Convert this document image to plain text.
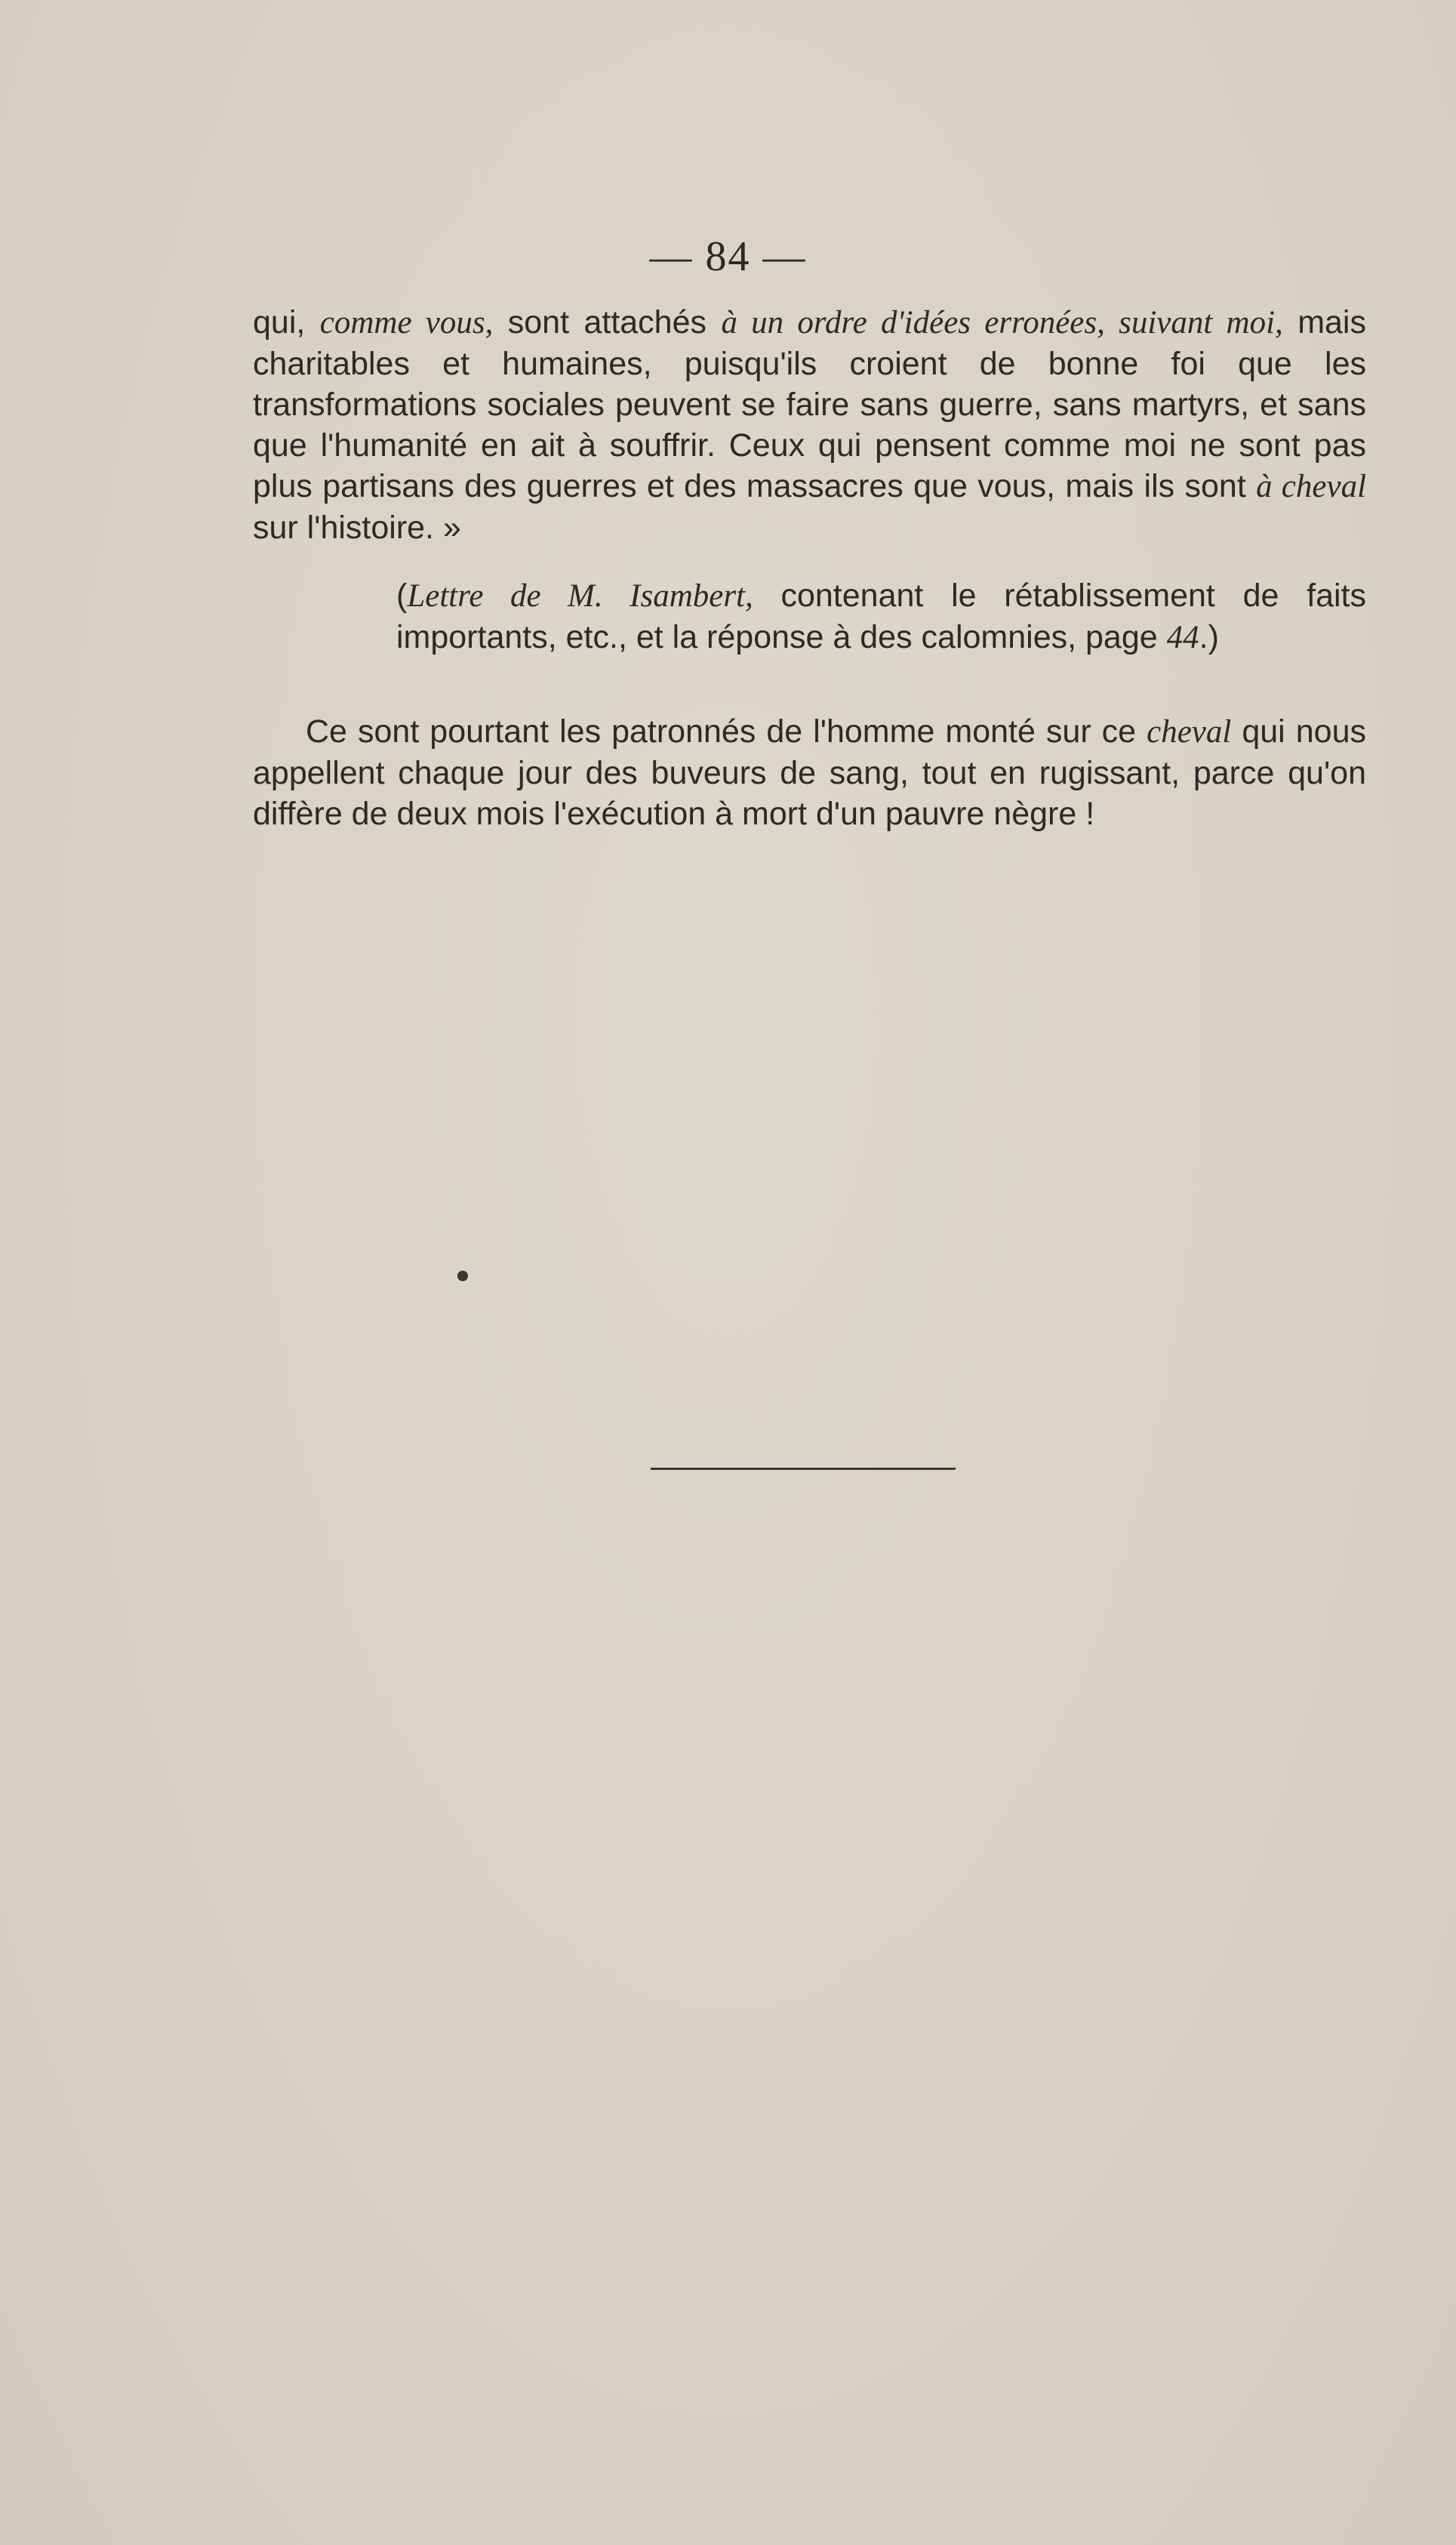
— 84 —

qui, comme vous, sont attachés à un ordre d'idées erronées, suivant moi, mais charitables et humaines, puisqu'ils croient de bonne foi que les transformations sociales peuvent se faire sans guerre, sans martyrs, et sans que l'humanité en ait à souffrir. Ceux qui pensent comme moi ne sont pas plus partisans des guerres et des massacres que vous, mais ils sont à cheval sur l'histoire. »

(Lettre de M. Isambert, contenant le rétablissement de faits importants, etc., et la réponse à des calomnies, page 44.)

Ce sont pourtant les patronnés de l'homme monté sur ce cheval qui nous appellent chaque jour des buveurs de sang, tout en rugissant, parce qu'on diffère de deux mois l'exécution à mort d'un pauvre nègre !
